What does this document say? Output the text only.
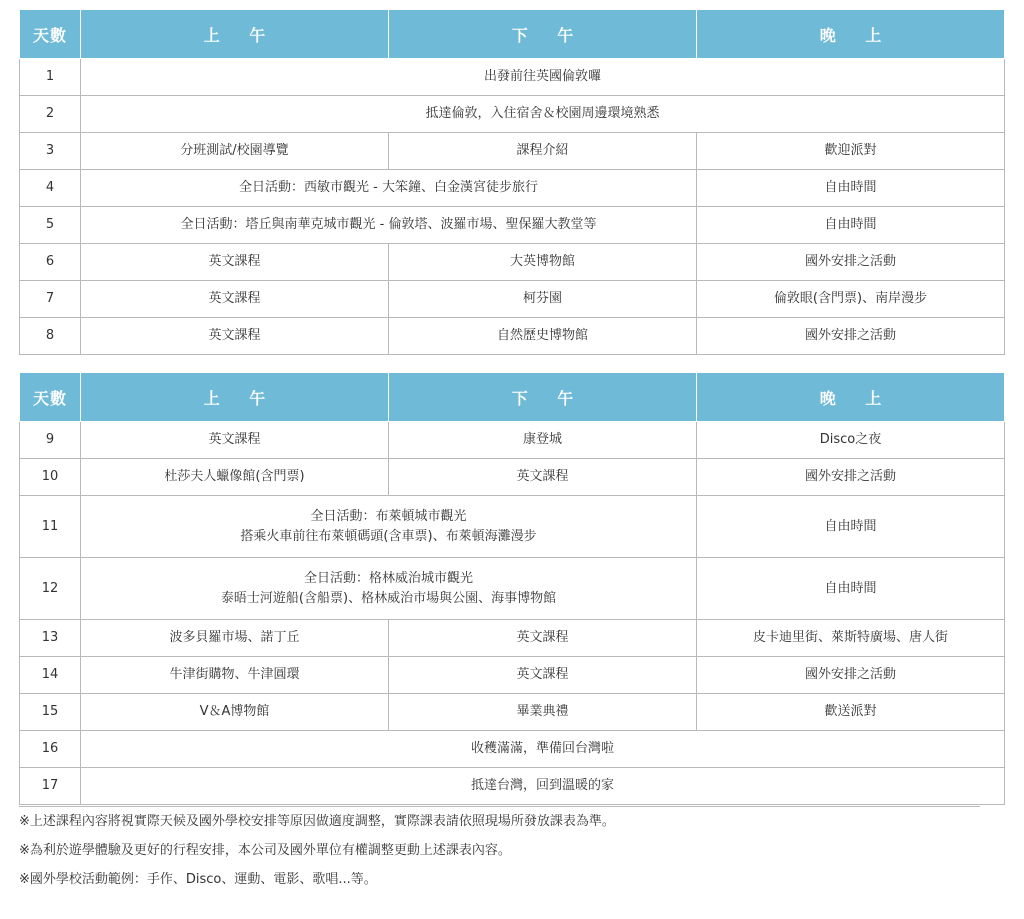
天數	上 午	下 午	晚 上
1	出發前往英國倫敦囉		
2	抵達倫敦，入住宿舍＆校園周邊環境熟悉		
3	分班測試/校園導覽	課程介紹	歡迎派對
4	全日活動：西敏市觀光 - 大笨鐘、白金漢宮徒步旅行		自由時間
5	全日活動：塔丘與南華克城市觀光 - 倫敦塔、波羅市場、聖保羅大教堂等		自由時間
6	英文課程	大英博物館	國外安排之活動
7	英文課程	柯芬園	倫敦眼(含門票)、南岸漫步
8	英文課程	自然歷史博物館	國外安排之活動
天數	上 午	下 午	晚 上
9	英文課程	康登城	Disco之夜
10	杜莎夫人蠟像館(含門票)	英文課程	國外安排之活動
11	全日活動：布萊頓城市觀光
搭乘火車前往布萊頓碼頭(含車票)、布萊頓海灘漫步		自由時間
12	全日活動：格林威治城市觀光
泰晤士河遊船(含船票)、格林威治市場與公園、海事博物館		自由時間
13	波多貝羅市場、諾丁丘	英文課程	皮卡迪里街、萊斯特廣場、唐人街
14	牛津街購物、牛津圓環	英文課程	國外安排之活動
15	V＆A博物館	畢業典禮	歡送派對
16	收穫滿滿，準備回台灣啦		
17	抵達台灣，回到溫暖的家		
※上述課程內容將視實際天候及國外學校安排等原因做適度調整，實際課表請依照現場所發放課表為準。
※為利於遊學體驗及更好的行程安排，本公司及國外單位有權調整更動上述課表內容。
※國外學校活動範例：手作、Disco、運動、電影、歌唱...等。
